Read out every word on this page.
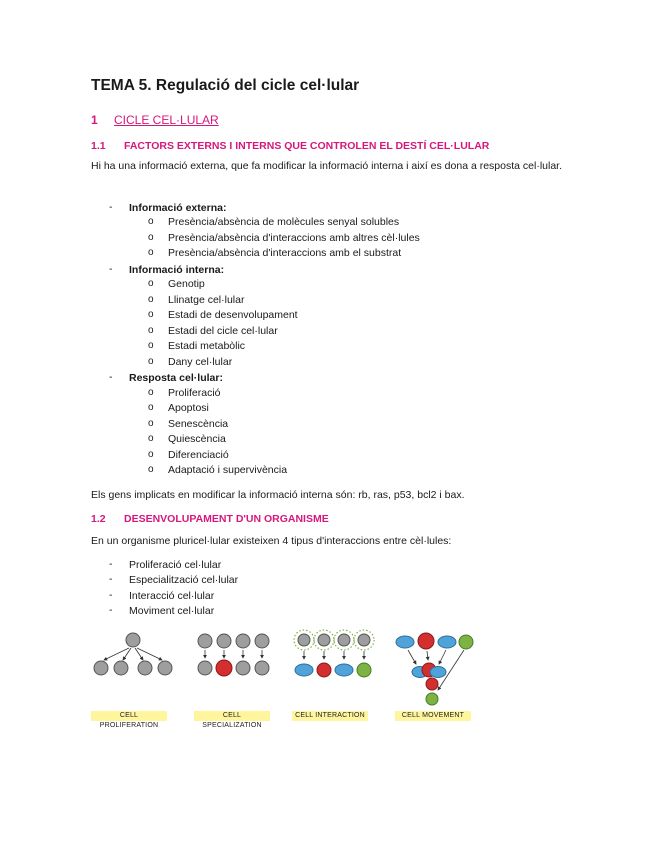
TEMA 5. Regulació del cicle cel·lular
1 CICLE CEL·LULAR
1.1 FACTORS EXTERNS I INTERNS QUE CONTROLEN EL DESTÍ CEL·LULAR

Hi ha una informació externa, que fa modificar la informació interna i així es dona a resposta cel·lular.

- Informació externa:
o Presència/absència de molècules senyal solubles
o Presència/absència d'interaccions amb altres cèl·lules
o Presència/absència d'interaccions amb el substrat
- Informació interna:
o Genotip
o Llinatge cel·lular
o Estadi de desenvolupament
o Estadi del cicle cel·lular
o Estadi metabòlic
o Dany cel·lular
- Resposta cel·lular:
o Proliferació
o Apoptosi
o Senescència
o Quiescència
o Diferenciació
o Adaptació i supervivència
Els gens implicats en modificar la informació interna són: rb, ras, p53, bcl2 i bax.
1.2 DESENVOLUPAMENT D'UN ORGANISME
En un organisme pluricel·lular existeixen 4 tipus d'interaccions entre cèl·lules:
- Proliferació cel·lular
- Especialització cel·lular
- Interacció cel·lular
- Moviment cel·lular
CELL PROLIFERATION
CELL SPECIALIZATION
CELL INTERACTION	CELL MOVEMENT
